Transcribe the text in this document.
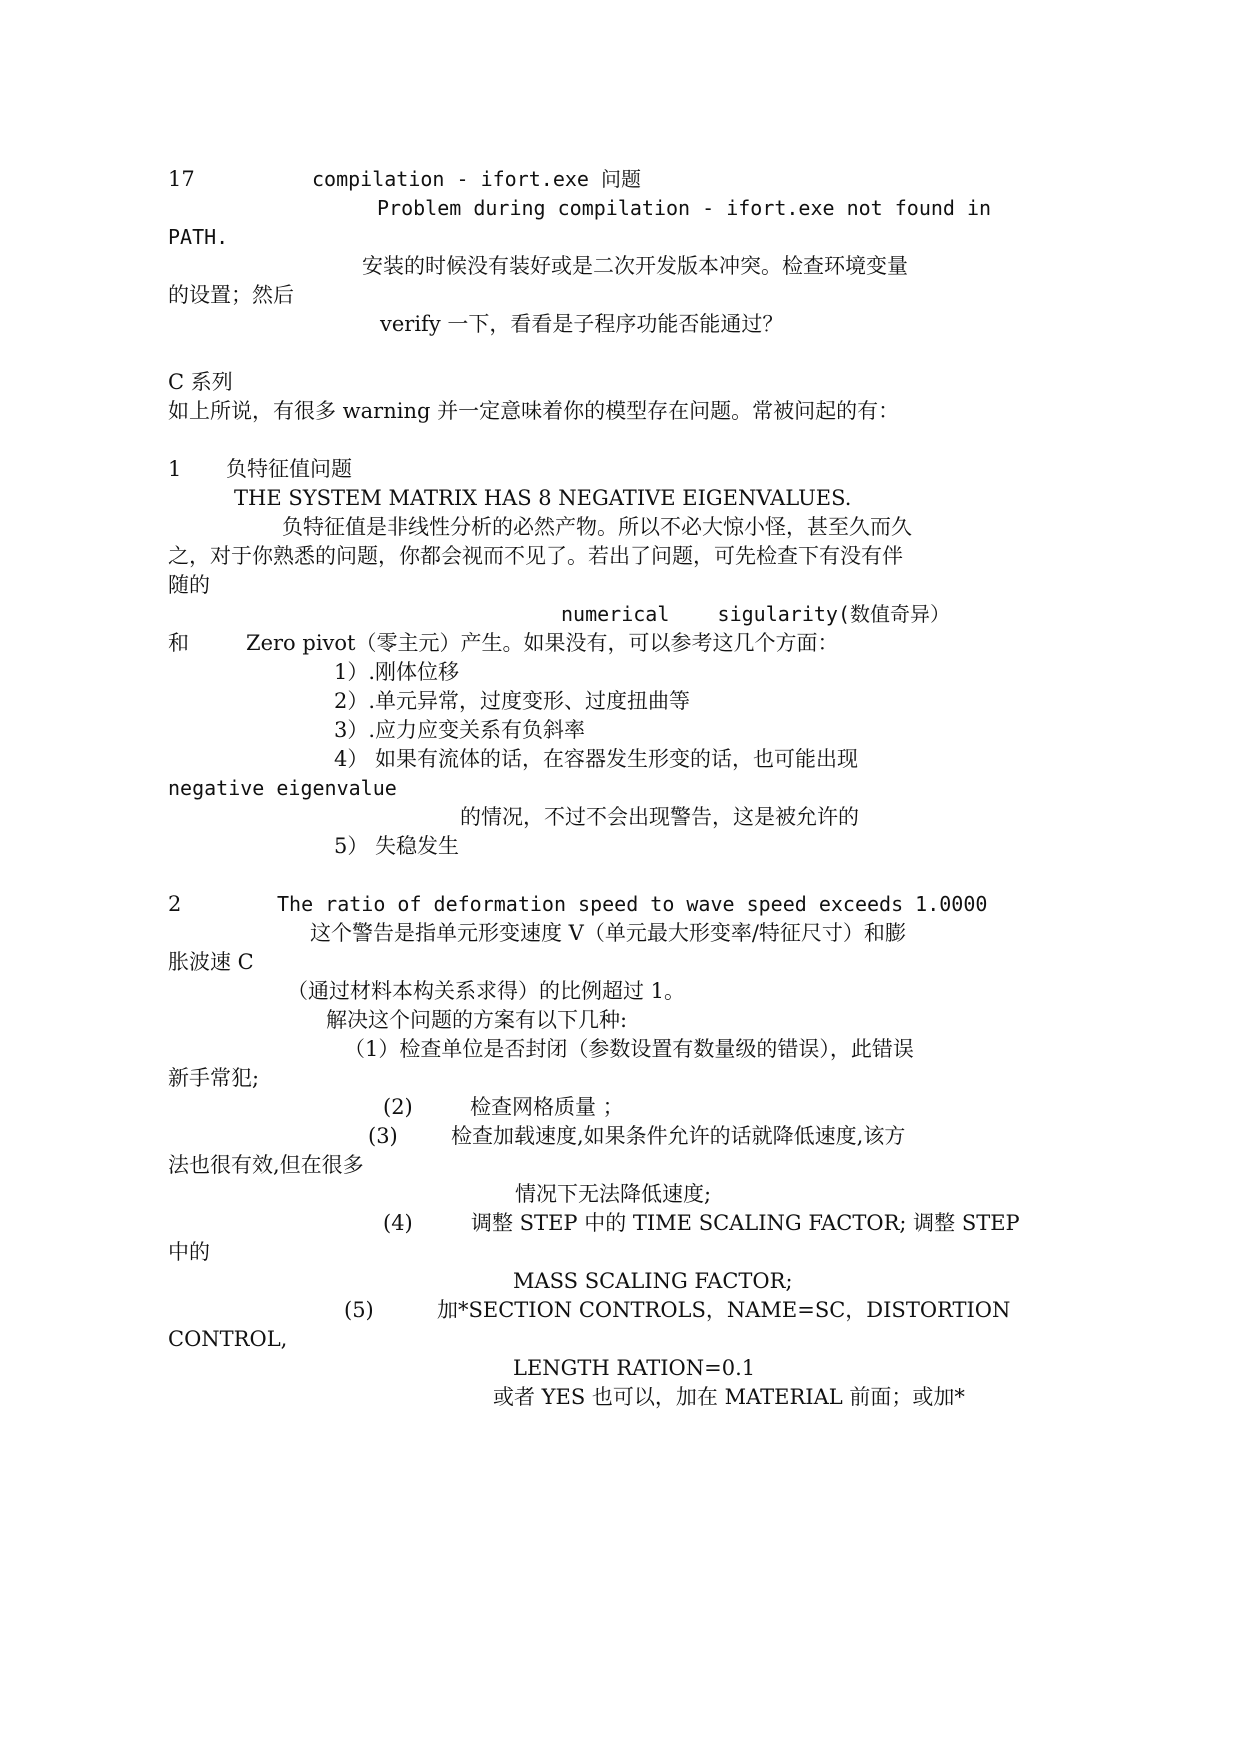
17	compilation - ifort.exe 问题
Problem during compilation - ifort.exe not found in
PATH.
安装的时候没有装好或是二次开发版本冲突。检查环境变量
的设置；然后
verify 一下，看看是子程序功能否能通过？
C 系列
如上所说，有很多 warning 并一定意味着你的模型存在问题。常被问起的有：
1 负特征值问题
THE SYSTEM MATRIX HAS 8 NEGATIVE EIGENVALUES.
负特征值是非线性分析的必然产物。所以不必大惊小怪，甚至久而久
之，对于你熟悉的问题，你都会视而不见了。若出了问题，可先检查下有没有伴
随的
numerical    sigularity(数值奇异）
和	Zero pivot（零主元）产生。如果没有，可以参考这几个方面：
1）.刚体位移
2）.单元异常，过度变形、过度扭曲等
3）.应力应变关系有负斜率
4） 如果有流体的话，在容器发生形变的话，也可能出现
negative eigenvalue
的情况，不过不会出现警告，这是被允许的
5） 失稳发生
2	The ratio of deformation speed to wave speed exceeds 1.0000
这个警告是指单元形变速度 V（单元最大形变率/特征尺寸）和膨
胀波速 C
（通过材料本构关系求得）的比例超过 1。
解决这个问题的方案有以下几种:
（1）检查单位是否封闭（参数设置有数量级的错误），此错误
新手常犯;
(2)	检查网格质量 ；
(3)	检查加载速度,如果条件允许的话就降低速度,该方
法也很有效,但在很多
情况下无法降低速度;
(4)	调整 STEP 中的 TIME SCALING FACTOR; 调整 STEP
中的
MASS SCALING FACTOR;
(5)	加*SECTION CONTROLS，NAME=SC，DISTORTION
CONTROL,
LENGTH RATION=0.1
或者 YES 也可以，加在 MATERIAL 前面；或加*
